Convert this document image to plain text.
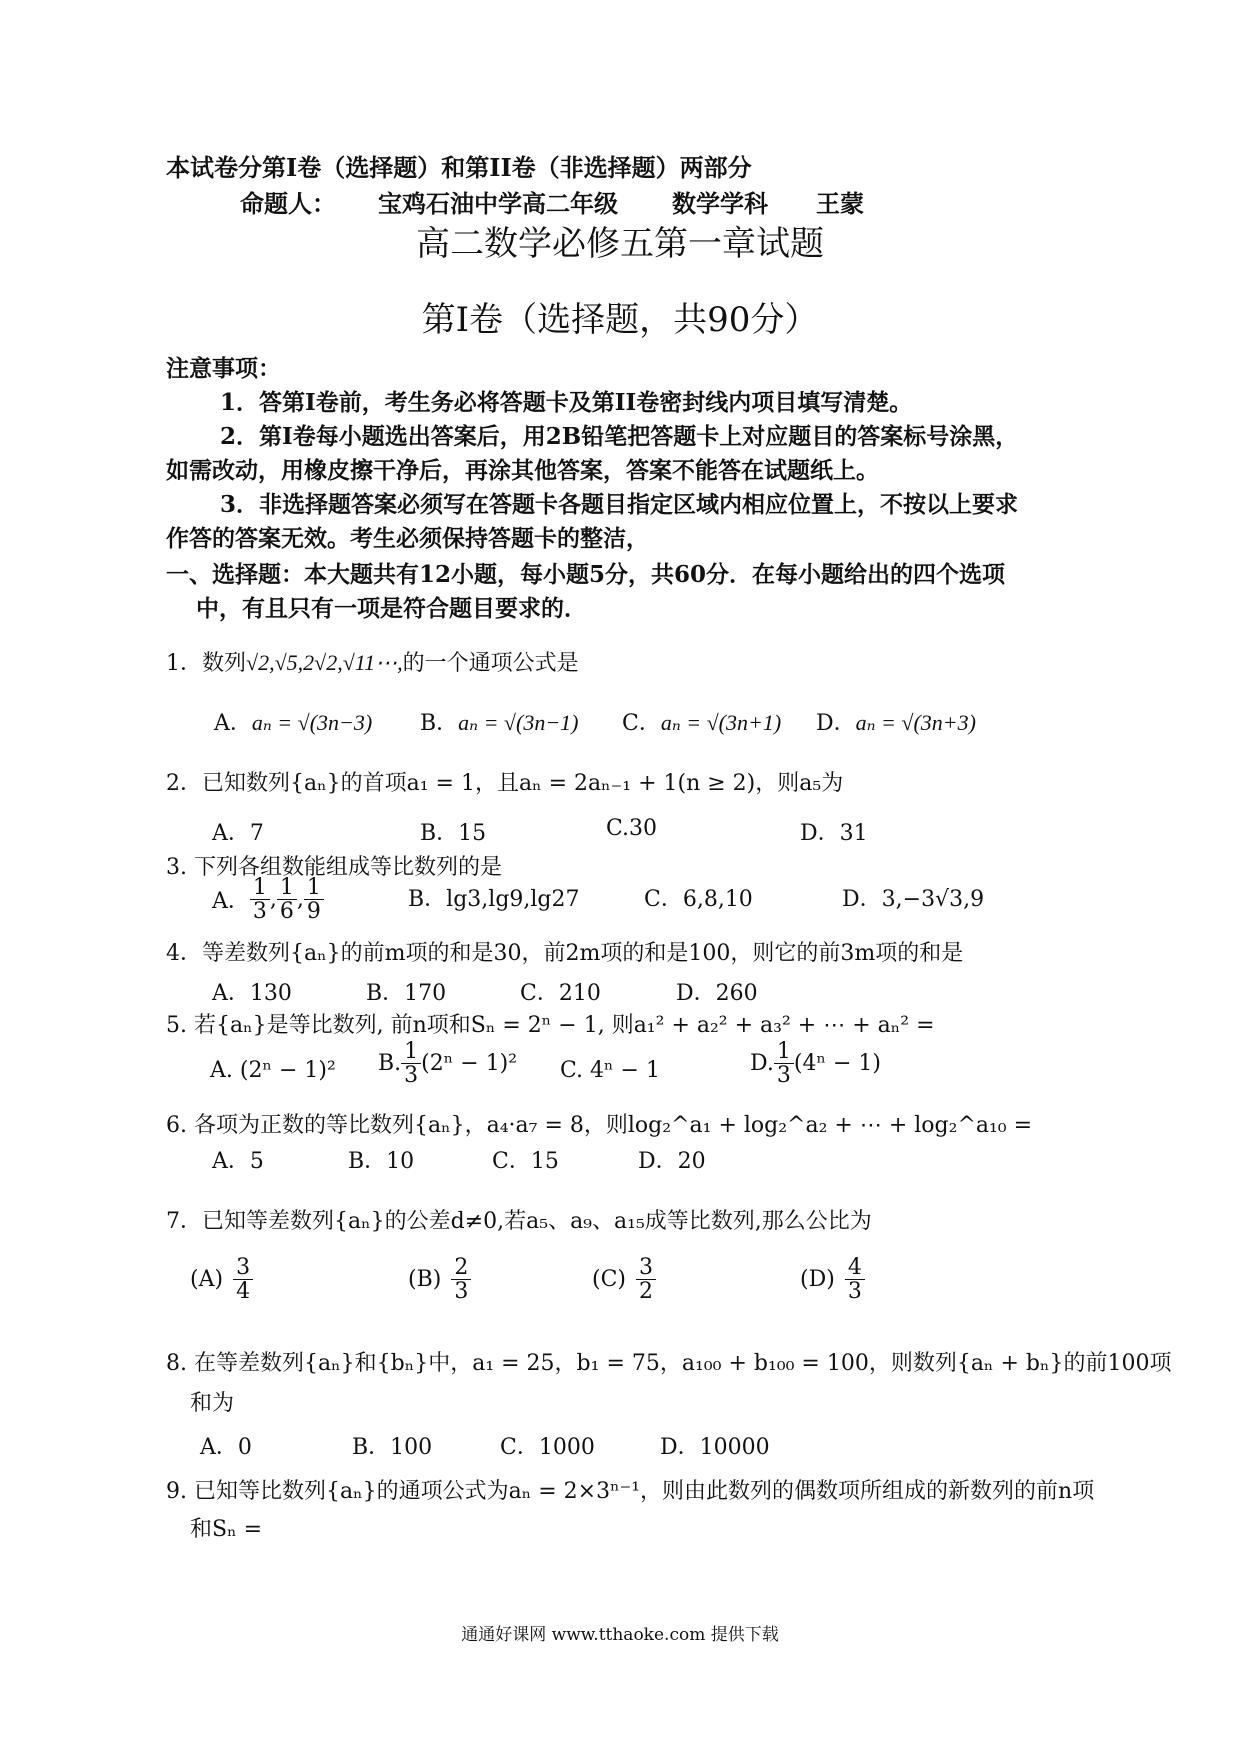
本试卷分第Ⅰ卷（选择题）和第II卷（非选择题）两部分
命题人： 宝鸡石油中学高二年级 数学学科 王蒙
高二数学必修五第一章试题
第Ⅰ卷（选择题，共90分）
注意事项：
1．答第Ⅰ卷前，考生务必将答题卡及第II卷密封线内项目填写清楚。
2．第Ⅰ卷每小题选出答案后，用2B铅笔把答题卡上对应题目的答案标号涂黑，
如需改动，用橡皮擦干净后，再涂其他答案，答案不能答在试题纸上。
3．非选择题答案必须写在答题卡各题目指定区域内相应位置上，不按以上要求
作答的答案无效。考生必须保持答题卡的整洁，
一、选择题：本大题共有12小题，每小题5分，共60分．在每小题给出的四个选项
中，有且只有一项是符合题目要求的．
1．数列√2,√5,2√2,√11⋯,的一个通项公式是
A．aₙ = √(3n−3) B．aₙ = √(3n−1) C．aₙ = √(3n+1) D．aₙ = √(3n+3)
2．已知数列{aₙ}的首项a₁ = 1，且aₙ = 2aₙ₋₁ + 1(n ≥ 2)，则a₅为
A．7	B．15	C.30	D．31
3. 下列各组数能组成等比数列的是
A． $\frac{1}{3}$ , $\frac{1}{6}$ , $\frac{1}{9}$	B．lg3,lg9,lg27	C．6,8,10	D．3,−3√3,9
4．等差数列{aₙ}的前m项的和是30，前2m项的和是100，则它的前3m项的和是
A．130	B．170	C．210	D．260
5. 若{aₙ}是等比数列, 前n项和Sₙ = 2ⁿ − 1, 则a₁² + a₂² + a₃² + ⋯ + aₙ² =
A. (2ⁿ − 1)² B. $\frac{1}{3} (2^n - 1)^2$ C. 4ⁿ − 1	D. $\frac{1}{3} (4^n - 1)$
6. 各项为正数的等比数列{aₙ}，a₄·a₇ = 8，则log₂^a₁ + log₂^a₂ + ⋯ + log₂^a₁₀ =
A．5	B．10	C．15	D．20
7．已知等差数列{aₙ}的公差d≠0,若a₅、a₉、a₁₅成等比数列,那么公比为
$(A) \frac{3}{4}$	$(B) \frac{2}{3}$	$(C) \frac{3}{2}$	$(D) \frac{4}{3}$
8. 在等差数列{aₙ}和{bₙ}中，a₁ = 25，b₁ = 75，a₁₀₀ + b₁₀₀ = 100，则数列{aₙ + bₙ}的前100项
和为
A．0	B．100	C．1000	D．10000
9. 已知等比数列{aₙ}的通项公式为aₙ = 2×3ⁿ⁻¹，则由此数列的偶数项所组成的新数列的前n项
和Sₙ =
通通好课网 www.tthaoke.com 提供下载
